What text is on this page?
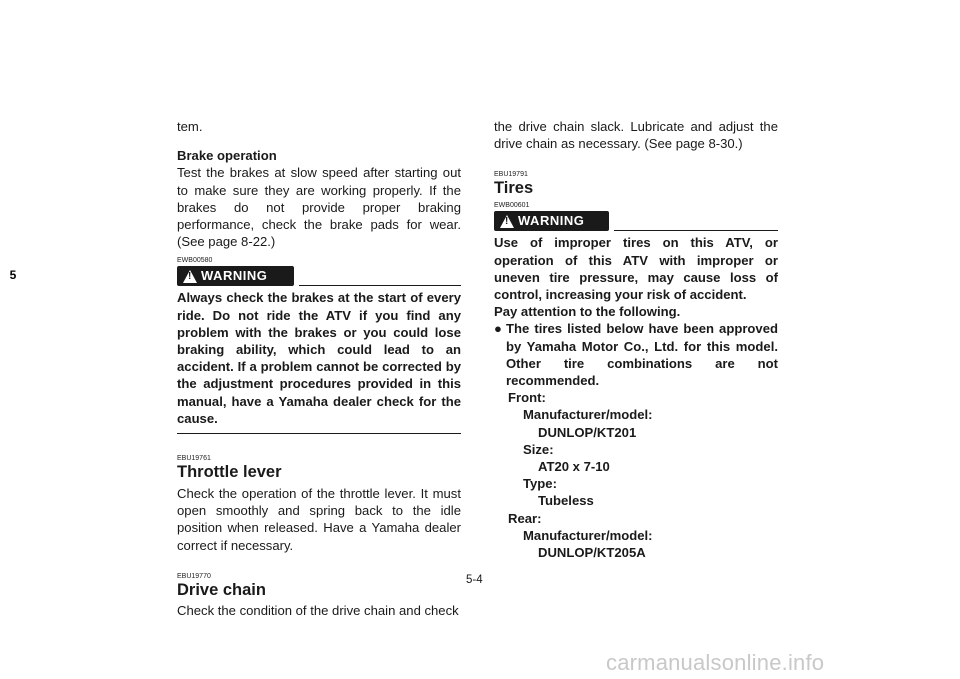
5

tem.

Brake operation

Test the brakes at slow speed after starting out to make sure they are working properly. If the brakes do not provide proper braking performance, check the brake pads for wear. (See page 8-22.)

EWB00580
!
WARNING

Always check the brakes at the start of every ride. Do not ride the ATV if you find any problem with the brakes or you could lose braking ability, which could lead to an accident. If a problem cannot be corrected by the adjustment procedures provided in this manual, have a Yamaha dealer check for the cause.

EBU19761
Throttle lever

Check the operation of the throttle lever. It must open smoothly and spring back to the idle position when released. Have a Yamaha dealer correct if necessary.

EBU19770
Drive chain

Check the condition of the drive chain and check

the drive chain slack. Lubricate and adjust the drive chain as necessary. (See page 8-30.)

EBU19791
Tires
EWB00601
!
WARNING

Use of improper tires on this ATV, or operation of this ATV with improper or uneven tire pressure, may cause loss of control, increasing your risk of accident.

Pay attention to the following.

● The tires listed below have been approved by Yamaha Motor Co., Ltd. for this model. Other tire combinations are not recommended.

Front:
Manufacturer/model:
DUNLOP/KT201
Size:
AT20 x 7-10
Type:
Tubeless
Rear:
Manufacturer/model:
DUNLOP/KT205A
5-4
carmanualsonline.info
